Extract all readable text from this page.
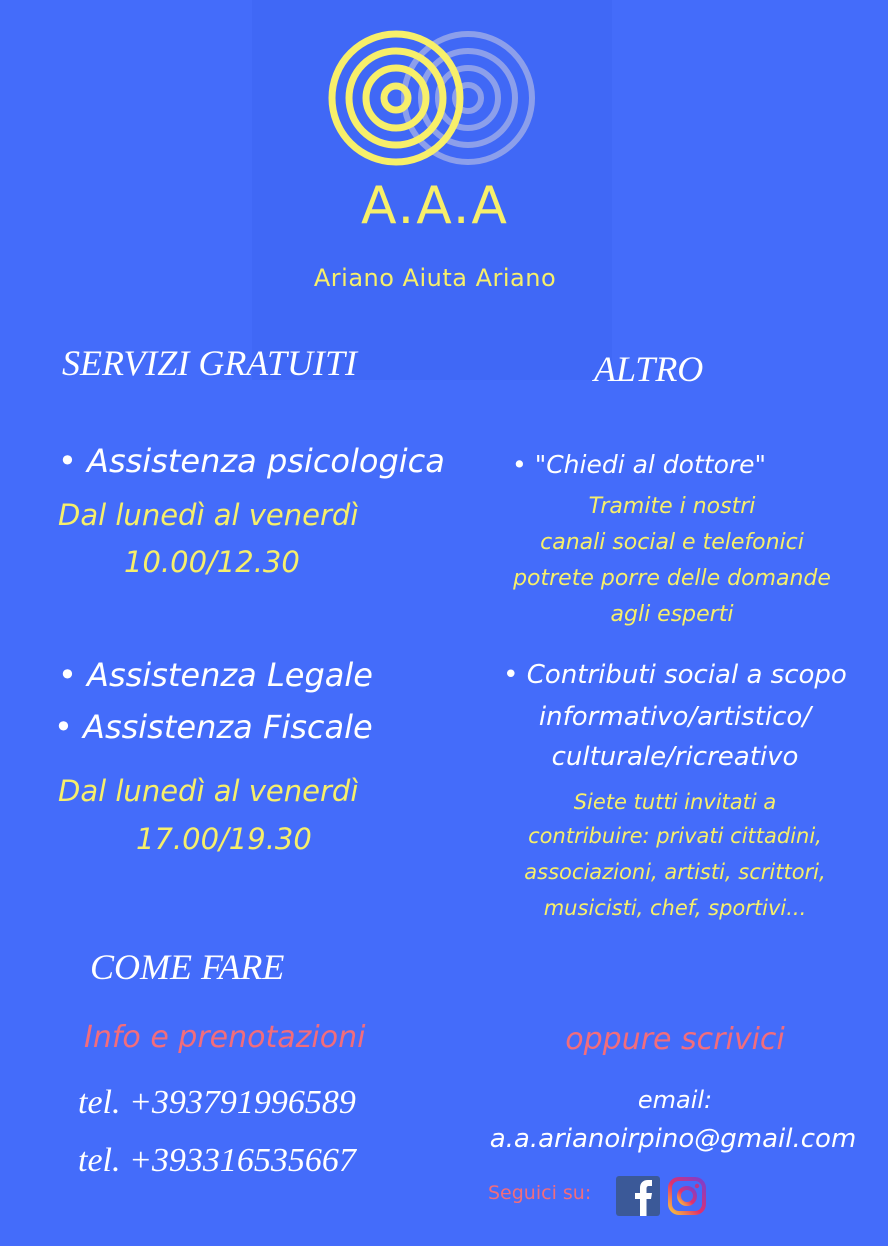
A.A.A
Ariano Aiuta Ariano
SERVIZI GRATUITI
• Assistenza psicologica
Dal lunedì al venerdì
10.00/12.30
• Assistenza Legale
• Assistenza Fiscale
Dal lunedì al venerdì
17.00/19.30
COME FARE
Info e prenotazioni
tel. +393791996589
tel. +393316535667
ALTRO
• "Chiedi al dottore"
Tramite i nostri
canali social e telefonici
potrete porre delle domande
agli esperti
• Contributi social a scopo
informativo/artistico/
culturale/ricreativo
Siete tutti invitati a
contribuire: privati cittadini,
associazioni, artisti, scrittori,
musicisti, chef, sportivi...
oppure scrivici
email:
a.a.arianoirpino@gmail.com
Seguici su:
